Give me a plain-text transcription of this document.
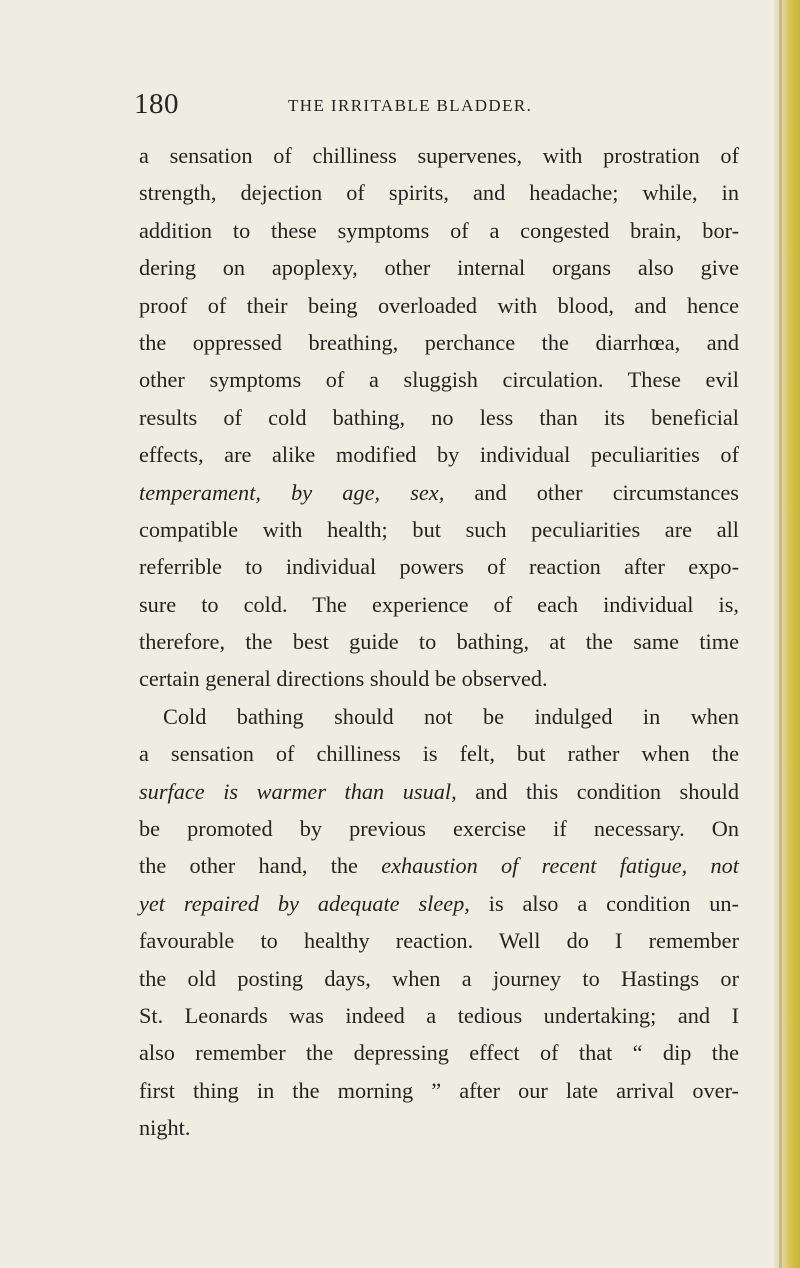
180	THE IRRITABLE BLADDER.
a sensation of chilliness supervenes, with prostration of
strength, dejection of spirits, and headache; while, in
addition to these symptoms of a congested brain, bor-
dering on apoplexy, other internal organs also give
proof of their being overloaded with blood, and hence
the oppressed breathing, perchance the diarrhœa, and
other symptoms of a sluggish circulation. These evil
results of cold bathing, no less than its beneficial
effects, are alike modified by individual peculiarities of
temperament, by age, sex, and other circumstances
compatible with health; but such peculiarities are all
referrible to individual powers of reaction after expo-
sure to cold. The experience of each individual is,
therefore, the best guide to bathing, at the same time
certain general directions should be observed.
Cold bathing should not be indulged in when
a sensation of chilliness is felt, but rather when the
surface is warmer than usual, and this condition should
be promoted by previous exercise if necessary. On
the other hand, the exhaustion of recent fatigue, not
yet repaired by adequate sleep, is also a condition un-
favourable to healthy reaction. Well do I remember
the old posting days, when a journey to Hastings or
St. Leonards was indeed a tedious undertaking; and I
also remember the depressing effect of that “ dip the
first thing in the morning ” after our late arrival over-
night.
